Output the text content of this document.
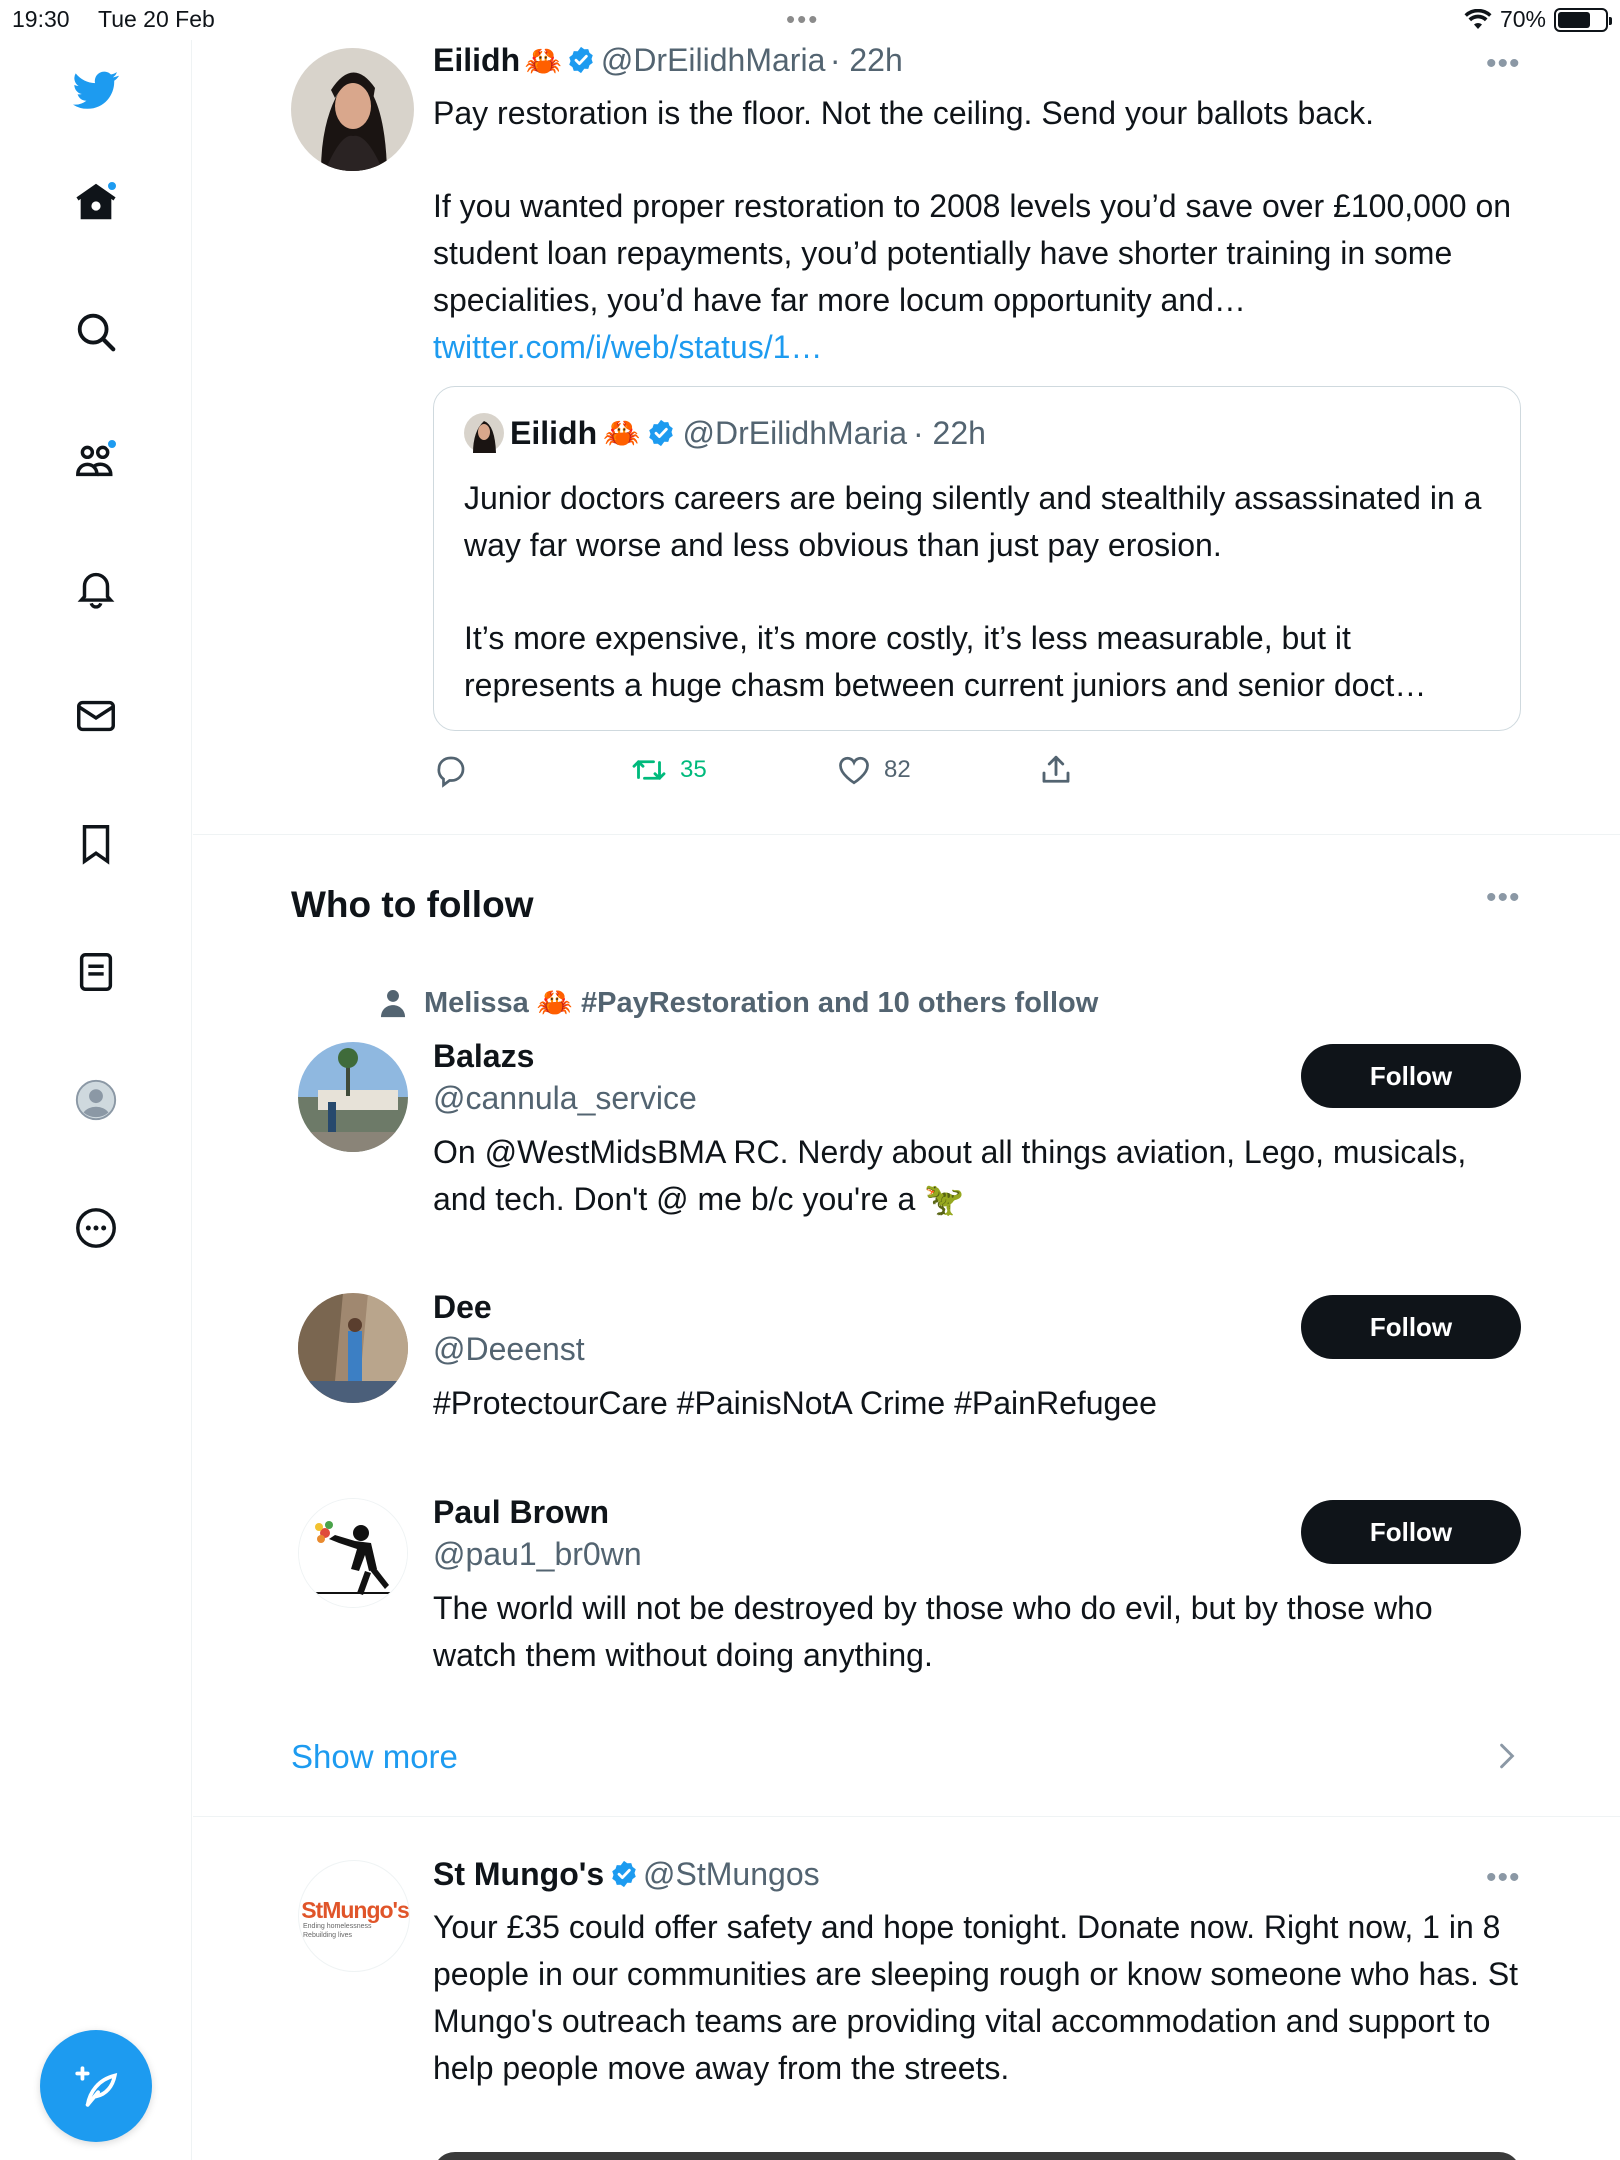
19:30 Tue 20 Feb	•••	70%
Eilidh 🦀 @DrEilidhMaria · 22h	•••
Pay restoration is the floor. Not the ceiling. Send your ballots back.
If you wanted proper restoration to 2008 levels you’d save over £100,000 on student loan repayments, you’d potentially have shorter training in some specialities, you’d have far more locum opportunity and… twitter.com/i/web/status/1…
Eilidh 🦀 @DrEilidhMaria · 22h
Junior doctors careers are being silently and stealthily assassinated in a way far worse and less obvious than just pay erosion.
It’s more expensive, it’s more costly, it’s less measurable, but it represents a huge chasm between current juniors and senior doct…
35	82
Who to follow	•••
Melissa 🦀 #PayRestoration and 10 others follow
Balazs
@cannula_service
On @WestMidsBMA RC. Nerdy about all things aviation, Lego, musicals, and tech. Don't @ me b/c you're a 🦖
Follow
Dee
@Deeenst
#ProtectourCare #PainisNotA Crime #PainRefugee
Follow
Paul Brown
@pau1_br0wn
The world will not be destroyed by those who do evil, but by those who watch them without doing anything.
Follow
Show more
StMungo's
Ending homelessness
Rebuilding lives
St Mungo's @StMungos	•••
Your £35 could offer safety and hope tonight. Donate now. Right now, 1 in 8 people in our communities are sleeping rough or know someone who has. St Mungo's outreach teams are providing vital accommodation and support to help people move away from the streets.
